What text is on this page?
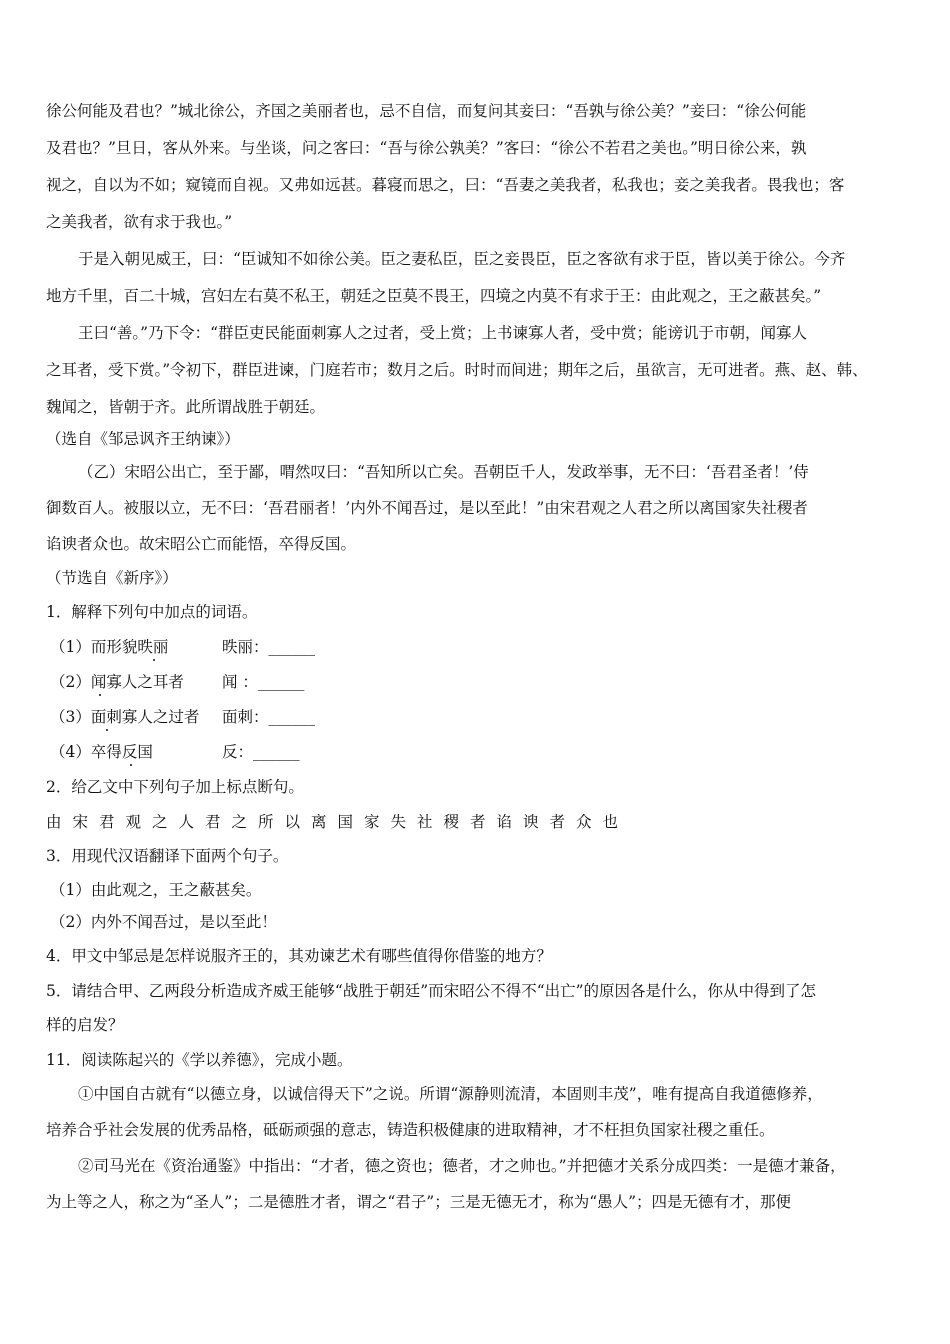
徐公何能及君也？”城北徐公，齐国之美丽者也，忌不自信，而复问其妾曰：“吾孰与徐公美？”妾曰：“徐公何能
及君也？”旦日，客从外来。与坐谈，问之客曰：“吾与徐公孰美？”客曰：“徐公不若君之美也。”明日徐公来，孰
视之，自以为不如；窥镜而自视。又弗如远甚。暮寝而思之，曰：“吾妻之美我者，私我也；妾之美我者。畏我也；客
之美我者，欲有求于我也。”
于是入朝见威王，曰：“臣诚知不如徐公美。臣之妻私臣，臣之妾畏臣，臣之客欲有求于臣，皆以美于徐公。今齐
地方千里，百二十城，宫妇左右莫不私王，朝廷之臣莫不畏王，四境之内莫不有求于王：由此观之，王之蔽甚矣。”
王曰“善。”乃下令：“群臣吏民能面刺寡人之过者，受上赏；上书谏寡人者，受中赏；能谤讥于市朝，闻寡人
之耳者，受下赏。”令初下，群臣进谏，门庭若市；数月之后。时时而间进；期年之后，虽欲言，无可进者。燕、赵、韩、
魏闻之，皆朝于齐。此所谓战胜于朝廷。
（选自《邹忌讽齐王纳谏》）
（乙）宋昭公出亡，至于鄙，喟然叹曰：“吾知所以亡矣。吾朝臣千人，发政举事，无不曰：‘吾君圣者！’侍
御数百人。被服以立，无不曰：‘吾君丽者！’内外不闻吾过，是以至此！”由宋君观之人君之所以离国家失社稷者
谄谀者众也。故宋昭公亡而能悟，卒得反国。
（节选自《新序》）
1．解释下列句中加点的词语。
（1）而形貌昳丽	昳丽：______
（2）闻寡人之耳者 闻 ：______
（3）面刺寡人之过者 面刺：______
（4）卒得反国	反：______
2．给乙文中下列句子加上标点断句。
由宋君观之人君之所以离国家失社稷者谄谀者众也
3．用现代汉语翻译下面两个句子。
（1）由此观之，王之蔽甚矣。
（2）内外不闻吾过，是以至此！
4．甲文中邹忌是怎样说服齐王的，其劝谏艺术有哪些值得你借鉴的地方？
5．请结合甲、乙两段分析造成齐威王能够“战胜于朝廷”而宋昭公不得不“出亡”的原因各是什么，你从中得到了怎
样的启发？
11．阅读陈起兴的《学以养德》，完成小题。
①中国自古就有“以德立身，以诚信得天下”之说。所谓“源静则流清，本固则丰茂”，唯有提高自我道德修养，
培养合乎社会发展的优秀品格，砥砺顽强的意志，铸造积极健康的进取精神，才不枉担负国家社稷之重任。
②司马光在《资治通鉴》中指出：“才者，德之资也；德者，才之帅也。”并把德才关系分成四类：一是德才兼备，
为上等之人，称之为“圣人”；二是德胜才者，谓之“君子”；三是无德无才，称为“愚人”；四是无德有才，那便
